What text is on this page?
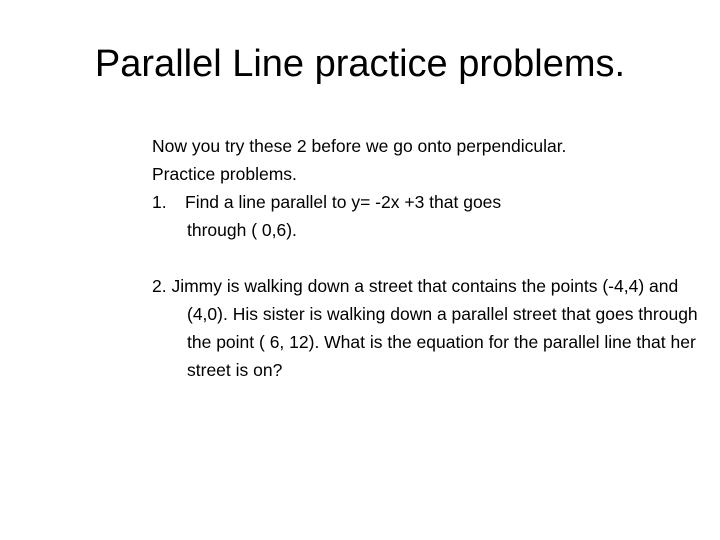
Parallel Line practice problems.
Now you try these 2 before we go onto perpendicular.
Practice problems.
1.	Find a line parallel to y= -2x +3 that goes
through ( 0,6).
2. Jimmy is walking down a street that contains the points (-4,4) and (4,0). His sister is walking down a parallel street that goes through the point ( 6, 12). What is the equation for the parallel line that her street is on?
